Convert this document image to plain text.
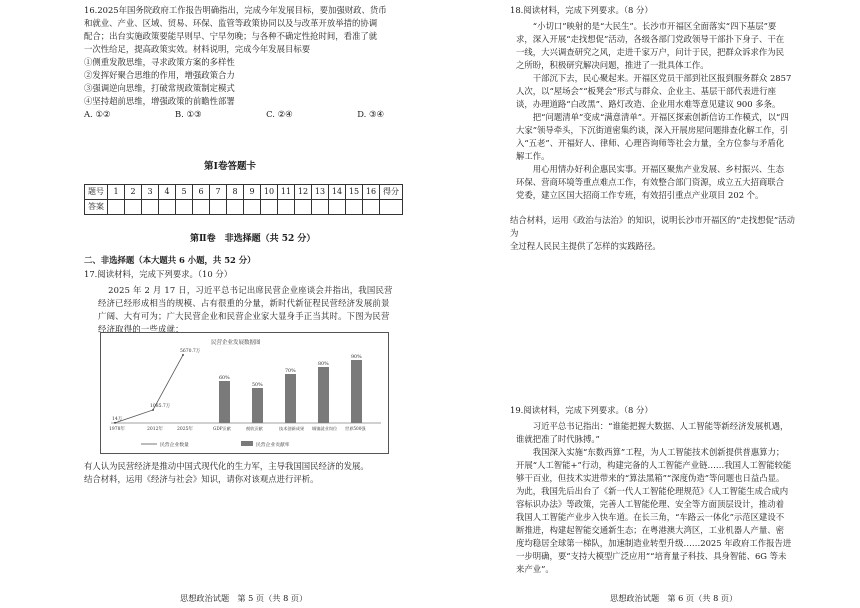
16.2025年国务院政府工作报告明确指出，完成今年发展目标，要加强财政、货币

和就业、产业、区域、贸易、环保、监管等政策协同以及与改革开放举措的协调

配合；出台实施政策要能早则早、宁早勿晚；与各种不确定性抢时间，看准了就

一次性给足，提高政策实效。材料说明，完成今年发展目标要

①侧重发散思维，寻求政策方案的多样性

②发挥好聚合思维的作用，增强政策合力

③强调逆向思维，打破常规政策制定模式

④坚持超前思维，增强政策的前瞻性部署

A. ①②	B. ①③	C. ②④	D. ③④
第Ⅰ卷答题卡
题号	1	2	3	4	5	6	7	8	9	10	11	12	13	14	15	16	得分
答案																	
第Ⅱ卷　非选择题（共 52 分）
二、非选择题（本大题共 6 小题，共 52 分）
17.阅读材料，完成下列要求。（10 分）

2025 年 2 月 17 日，习近平总书记出席民营企业座谈会并指出，我国民营

经济已经形成相当的规模、占有很重的分量，新时代新征程民营经济发展前景

广阔、大有可为；广大民营企业和民营企业家大显身手正当其时。下图为民营

经济取得的一些成就：

民营企业发展数据图
14万
1978年
1085.7万
2012年
5670.7万
2025年
60%
GDP贡献
50%
税收贡献
70%
技术创新成果
80%
城镇就业岗位
90%
世界500强
民营企业数量	民营企业贡献率

有人认为民营经济是推动中国式现代化的生力军，主导我国国民经济的发展。

结合材料，运用《经济与社会》知识，请你对该观点进行评析。

思想政治试题　第 5 页（共 8 页）
18.阅读材料，完成下列要求。（8 分）

“小切口”映射的是“大民生”。长沙市开福区全面落实“四下基层”要求，深入开展“走找想促”活动，各级各部门党政领导干部扑下身子、干在一线，大兴调查研究之风，走进千家万户，问计于民，把群众诉求作为民之所盼，积极研究解决问题，推进了一批具体工作。

干部沉下去，民心聚起来。开福区党员干部到社区报到服务群众 2857 人次，以“屋场会”“板凳会”形式与群众、企业主、基层干部代表进行座谈，办理道路“白改黑”、路灯改造、企业用水难等意见建议 900 多条。

把“问题清单”变成“满意清单”。开福区探索创新信访工作模式，以“四大家”领导牵头，下沉街道密集约谈，深入开展房屋问题排查化解工作，引入“五老”、开福好人、律师、心理咨询师等社会力量，全方位参与矛盾化解工作。

用心用情办好利企惠民实事。开福区聚焦产业发展、乡村振兴、生态环保、营商环境等重点难点工作，有效整合部门资源，成立五大招商联合党委，建立区国大招商工作专班，有效招引重点产业项目 202 个。

结合材料，运用《政治与法治》的知识，说明长沙市开福区的“走找想促”活动为

全过程人民民主提供了怎样的实践路径。

19.阅读材料，完成下列要求。（8 分）

习近平总书记指出：“谁能把握大数据、人工智能等新经济发展机遇，谁就把准了时代脉搏。”

我国深入实施“东数西算”工程，为人工智能技术创新提供普惠算力；开展“人工智能+”行动，构建完备的人工智能产业链……我国人工智能较能够干百业，但技术实进带来的“算法黑箱”“深度伪造”等问题也日益凸显。为此，我国先后出台了《新一代人工智能伦理规范》《人工智能生成合成内容标识办法》等政策，完善人工智能伦理、安全等方面顶层设计，推动着我国人工智能产业步入快车道。在长三角，“车路云一体化”示范区建设不断推进，构建起智能交通新生态；在粤港澳大湾区，工业机器人产量、密度均稳居全球第一梯队，加速制造业转型升级……2025 年政府工作报告进一步明确，要“支持大模型广泛应用”“培育量子科技、具身智能、6G 等未来产业”。

思想政治试题　第 6 页（共 8 页）
